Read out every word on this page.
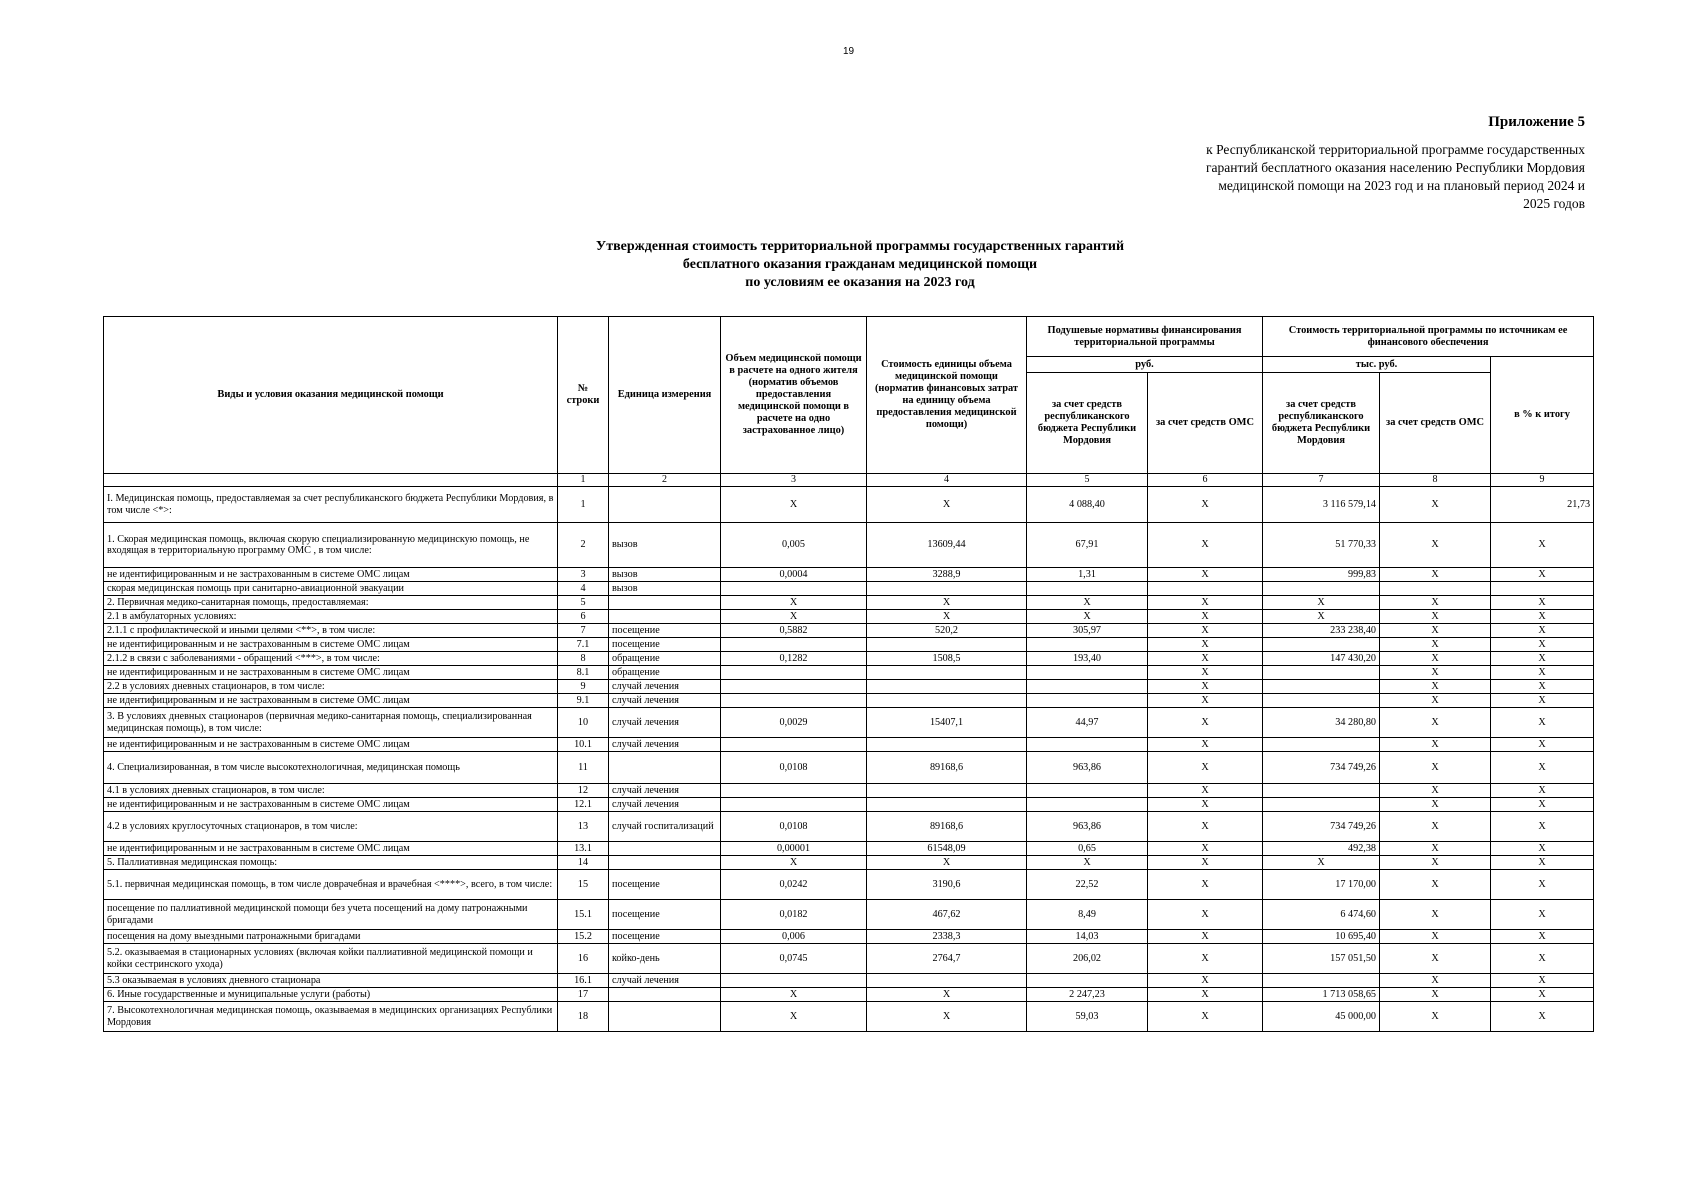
19
Приложение 5
к Республиканской территориальной программе государственных
гарантий бесплатного оказания населению Республики Мордовия
медицинской помощи на 2023 год и на плановый период 2024 и
2025 годов
Утвержденная стоимость территориальной программы государственных гарантий
бесплатного оказания гражданам медицинской помощи
по условиям ее оказания на 2023 год
Виды и условия оказания медицинской помощи	№ строки	Единица измерения	Объем медицинской помощи в расчете на одного жителя (норматив объемов предоставления медицинской помощи в расчете на одно застрахованное лицо)	Стоимость единицы объема медицинской помощи (норматив финансовых затрат на единицу объема предоставления медицинской помощи)	Подушевые нормативы финансирования территориальной программы		Стоимость территориальной программы по источникам ее финансового обеспечения		
					руб.		тыс. руб.		в % к итогу
					за счет средств республиканского бюджета Республики Мордовия	за счет средств ОМС	за счет средств республиканского бюджета Республики Мордовия	за счет средств ОМС	
	1	2	3	4	5	6	7	8	9
I. Медицинская помощь, предоставляемая за счет республиканского бюджета Республики Мордовия, в том числе <*>:	1		X	X	4 088,40	X	3 116 579,14	X	21,73
1. Скорая медицинская помощь, включая скорую специализированную медицинскую помощь, не входящая в территориальную программу ОМС , в том числе:	2	вызов	0,005	13609,44	67,91	X	51 770,33	X	X
не идентифицированным и не застрахованным в системе ОМС лицам	3	вызов	0,0004	3288,9	1,31	X	999,83	X	X
скорая медицинская помощь при санитарно-авиационной эвакуации	4	вызов							
2. Первичная медико-санитарная помощь, предоставляемая:	5		X	X	X	X	X	X	X
2.1 в амбулаторных условиях:	6		X	X	X	X	X	X	X
2.1.1 с профилактической и иными целями <**>, в том числе:	7	посещение	0,5882	520,2	305,97	X	233 238,40	X	X
не идентифицированным и не застрахованным в системе ОМС лицам	7.1	посещение				X		X	X
2.1.2 в связи с заболеваниями - обращений <***>, в том числе:	8	обращение	0,1282	1508,5	193,40	X	147 430,20	X	X
не идентифицированным и не застрахованным в системе ОМС лицам	8.1	обращение				X		X	X
2.2 в условиях дневных стационаров, в том числе:	9	случай лечения				X		X	X
не идентифицированным и не застрахованным в системе ОМС лицам	9.1	случай лечения				X		X	X
3. В условиях дневных стационаров (первичная медико-санитарная помощь, специализированная медицинская помощь), в том числе:	10	случай лечения	0,0029	15407,1	44,97	X	34 280,80	X	X
не идентифицированным и не застрахованным в системе ОМС лицам	10.1	случай лечения				X		X	X
4. Специализированная, в том числе высокотехнологичная, медицинская помощь	11		0,0108	89168,6	963,86	X	734 749,26	X	X
4.1 в условиях дневных стационаров, в том числе:	12	случай лечения				X		X	X
не идентифицированным и не застрахованным в системе ОМС лицам	12.1	случай лечения				X		X	X
4.2 в условиях круглосуточных стационаров, в том числе:	13	случай госпитализаций	0,0108	89168,6	963,86	X	734 749,26	X	X
не идентифицированным и не застрахованным в системе ОМС лицам	13.1		0,00001	61548,09	0,65	X	492,38	X	X
5. Паллиативная медицинская помощь:	14		X	X	X	X	X	X	X
5.1. первичная медицинская помощь, в том числе доврачебная и врачебная <****>, всего, в том числе:	15	посещение	0,0242	3190,6	22,52	X	17 170,00	X	X
посещение по паллиативной медицинской помощи без учета посещений на дому патронажными бригадами	15.1	посещение	0,0182	467,62	8,49	X	6 474,60	X	X
посещения на дому выездными патронажными бригадами	15.2	посещение	0,006	2338,3	14,03	X	10 695,40	X	X
5.2. оказываемая в стационарных условиях (включая койки паллиативной медицинской помощи и койки сестринского ухода)	16	койко-день	0,0745	2764,7	206,02	X	157 051,50	X	X
5.3 оказываемая в условиях дневного стационара	16.1	случай лечения				X		X	X
6. Иные государственные и муниципальные услуги (работы)	17		X	X	2 247,23	X	1 713 058,65	X	X
7. Высокотехнологичная медицинская помощь, оказываемая в медицинских организациях Республики Мордовия	18		X	X	59,03	X	45 000,00	X	X
